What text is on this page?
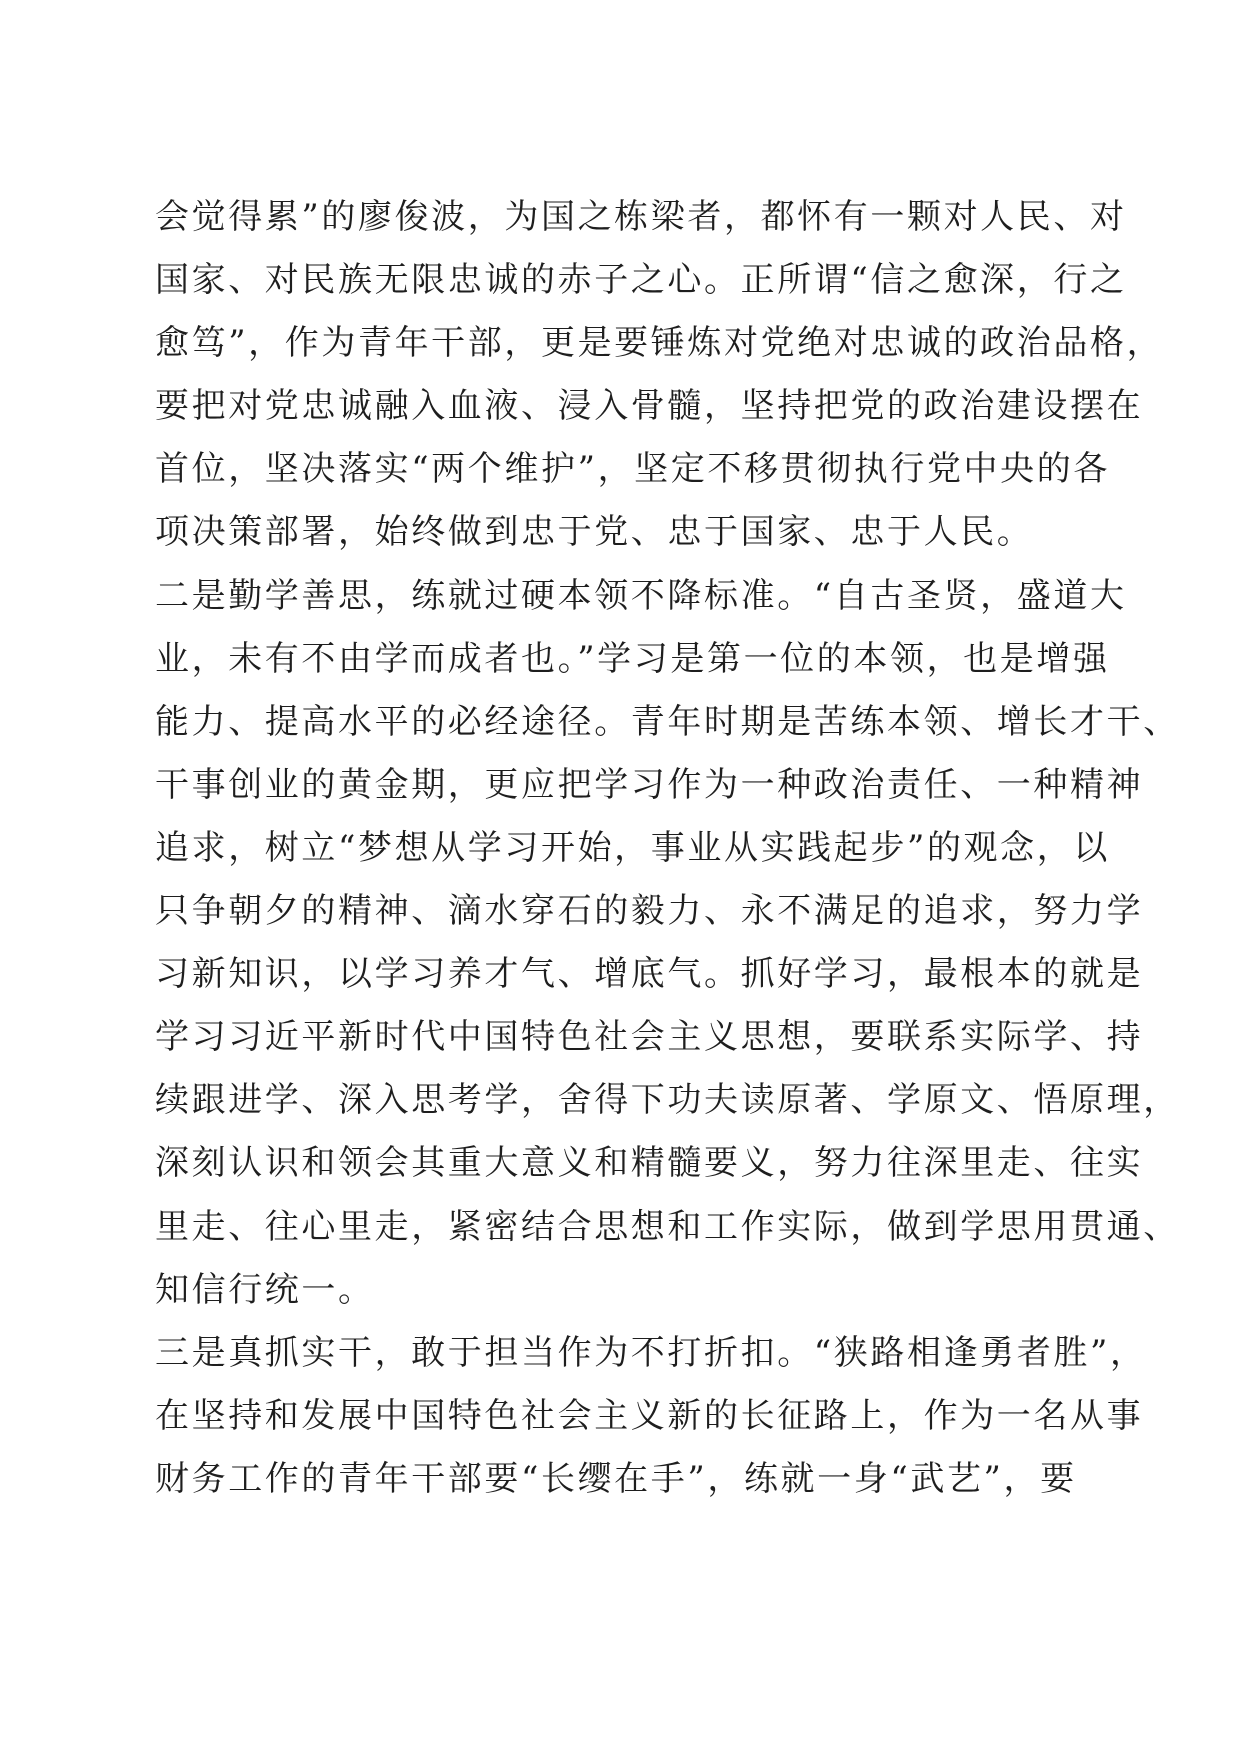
会觉得累”的廖俊波，为国之栋梁者，都怀有一颗对人民、对
国家、对民族无限忠诚的赤子之心。正所谓“信之愈深，行之
愈笃”，作为青年干部，更是要锤炼对党绝对忠诚的政治品格，
要把对党忠诚融入血液、浸入骨髓，坚持把党的政治建设摆在
首位，坚决落实“两个维护”，坚定不移贯彻执行党中央的各
项决策部署，始终做到忠于党、忠于国家、忠于人民。
二是勤学善思，练就过硬本领不降标准。“自古圣贤，盛道大
业，未有不由学而成者也。”学习是第一位的本领，也是增强
能力、提高水平的必经途径。青年时期是苦练本领、增长才干、
干事创业的黄金期，更应把学习作为一种政治责任、一种精神
追求，树立“梦想从学习开始，事业从实践起步”的观念，以
只争朝夕的精神、滴水穿石的毅力、永不满足的追求，努力学
习新知识，以学习养才气、增底气。抓好学习，最根本的就是
学习习近平新时代中国特色社会主义思想，要联系实际学、持
续跟进学、深入思考学，舍得下功夫读原著、学原文、悟原理，
深刻认识和领会其重大意义和精髓要义，努力往深里走、往实
里走、往心里走，紧密结合思想和工作实际，做到学思用贯通、
知信行统一。
三是真抓实干，敢于担当作为不打折扣。“狭路相逢勇者胜”，
在坚持和发展中国特色社会主义新的长征路上，作为一名从事
财务工作的青年干部要“长缨在手”，练就一身“武艺”，要
